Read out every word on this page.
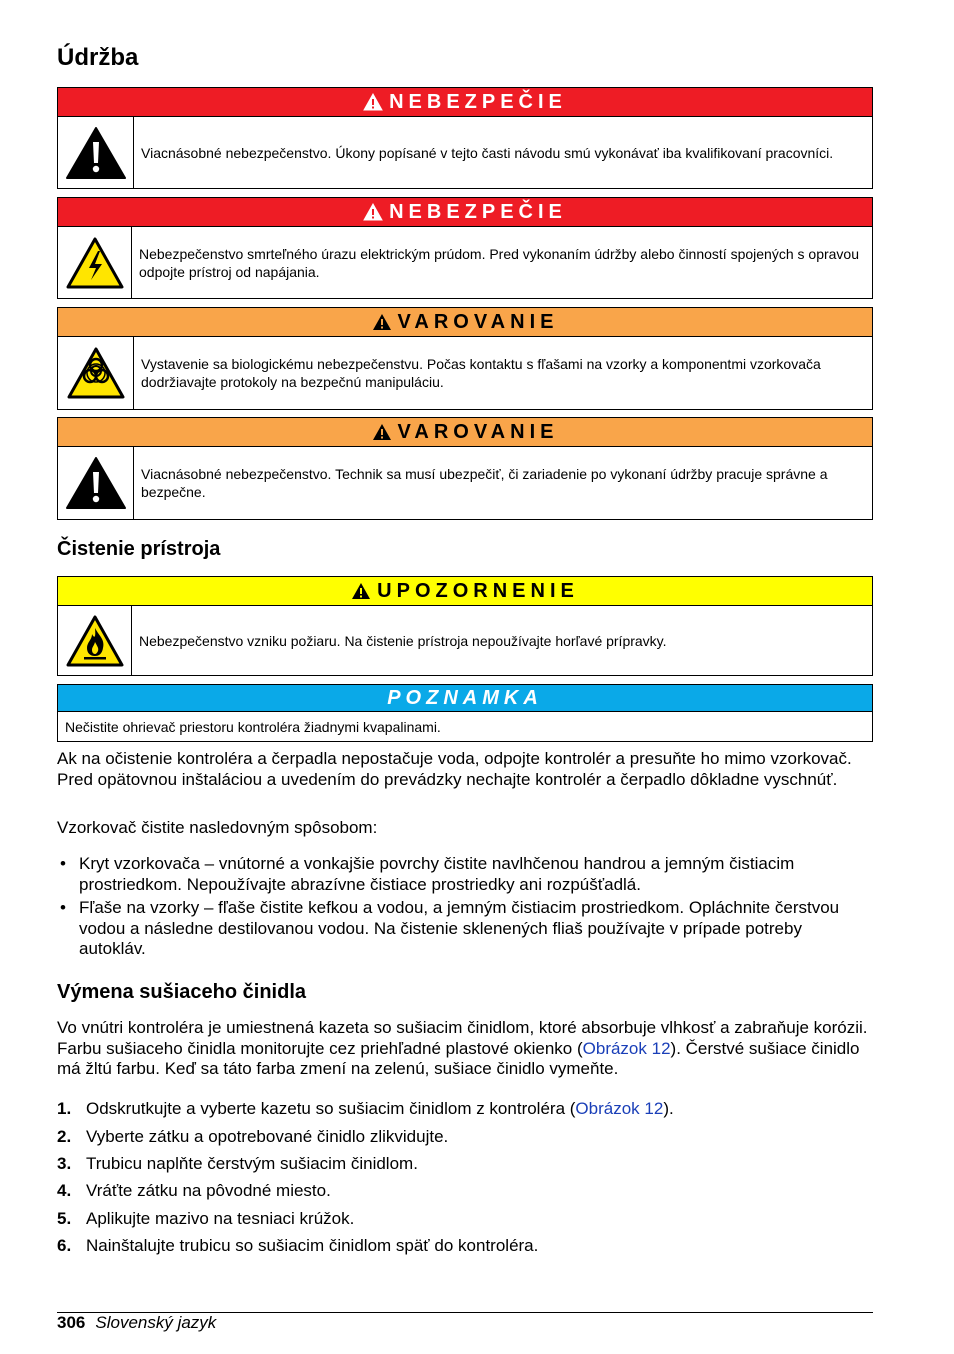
Údržba
NEBEZPEČIE
Viacnásobné nebezpečenstvo. Úkony popísané v tejto časti návodu smú vykonávať iba kvalifikovaní pracovníci.
NEBEZPEČIE
Nebezpečenstvo smrteľného úrazu elektrickým prúdom. Pred vykonaním údržby alebo činností spojených s opravou odpojte prístroj od napájania.
VAROVANIE
Vystavenie sa biologickému nebezpečenstvu. Počas kontaktu s fľašami na vzorky a komponentmi vzorkovača dodržiavajte protokoly na bezpečnú manipuláciu.
VAROVANIE
Viacnásobné nebezpečenstvo. Technik sa musí ubezpečiť, či zariadenie po vykonaní údržby pracuje správne a bezpečne.
Čistenie prístroja
UPOZORNENIE
Nebezpečenstvo vzniku požiaru. Na čistenie prístroja nepoužívajte horľavé prípravky.
POZNAMKA
Nečistite ohrievač priestoru kontroléra žiadnymi kvapalinami.

Ak na očistenie kontroléra a čerpadla nepostačuje voda, odpojte kontrolér a presuňte ho mimo vzorkovač. Pred opätovnou inštaláciou a uvedením do prevádzky nechajte kontrolér a čerpadlo dôkladne vyschnúť.

Vzorkovač čistite nasledovným spôsobom:

• Kryt vzorkovača – vnútorné a vonkajšie povrchy čistite navlhčenou handrou a jemným čistiacim prostriedkom. Nepoužívajte abrazívne čistiace prostriedky ani rozpúšťadlá.
• Fľaše na vzorky – fľaše čistite kefkou a vodou, a jemným čistiacim prostriedkom. Opláchnite čerstvou vodou a následne destilovanou vodou. Na čistenie sklenených fliaš používajte v prípade potreby autokláv.
Výmena sušiaceho činidla

Vo vnútri kontroléra je umiestnená kazeta so sušiacim činidlom, ktoré absorbuje vlhkosť a zabraňuje korózii. Farbu sušiaceho činidla monitorujte cez priehľadné plastové okienko (Obrázok 12). Čerstvé sušiace činidlo má žltú farbu. Keď sa táto farba zmení na zelenú, sušiace činidlo vymeňte.

1. Odskrutkujte a vyberte kazetu so sušiacim činidlom z kontroléra (Obrázok 12).
2. Vyberte zátku a opotrebované činidlo zlikvidujte.
3. Trubicu naplňte čerstvým sušiacim činidlom.
4. Vráťte zátku na pôvodné miesto.
5. Aplikujte mazivo na tesniaci krúžok.
6. Nainštalujte trubicu so sušiacim činidlom späť do kontroléra.
306 Slovenský jazyk
